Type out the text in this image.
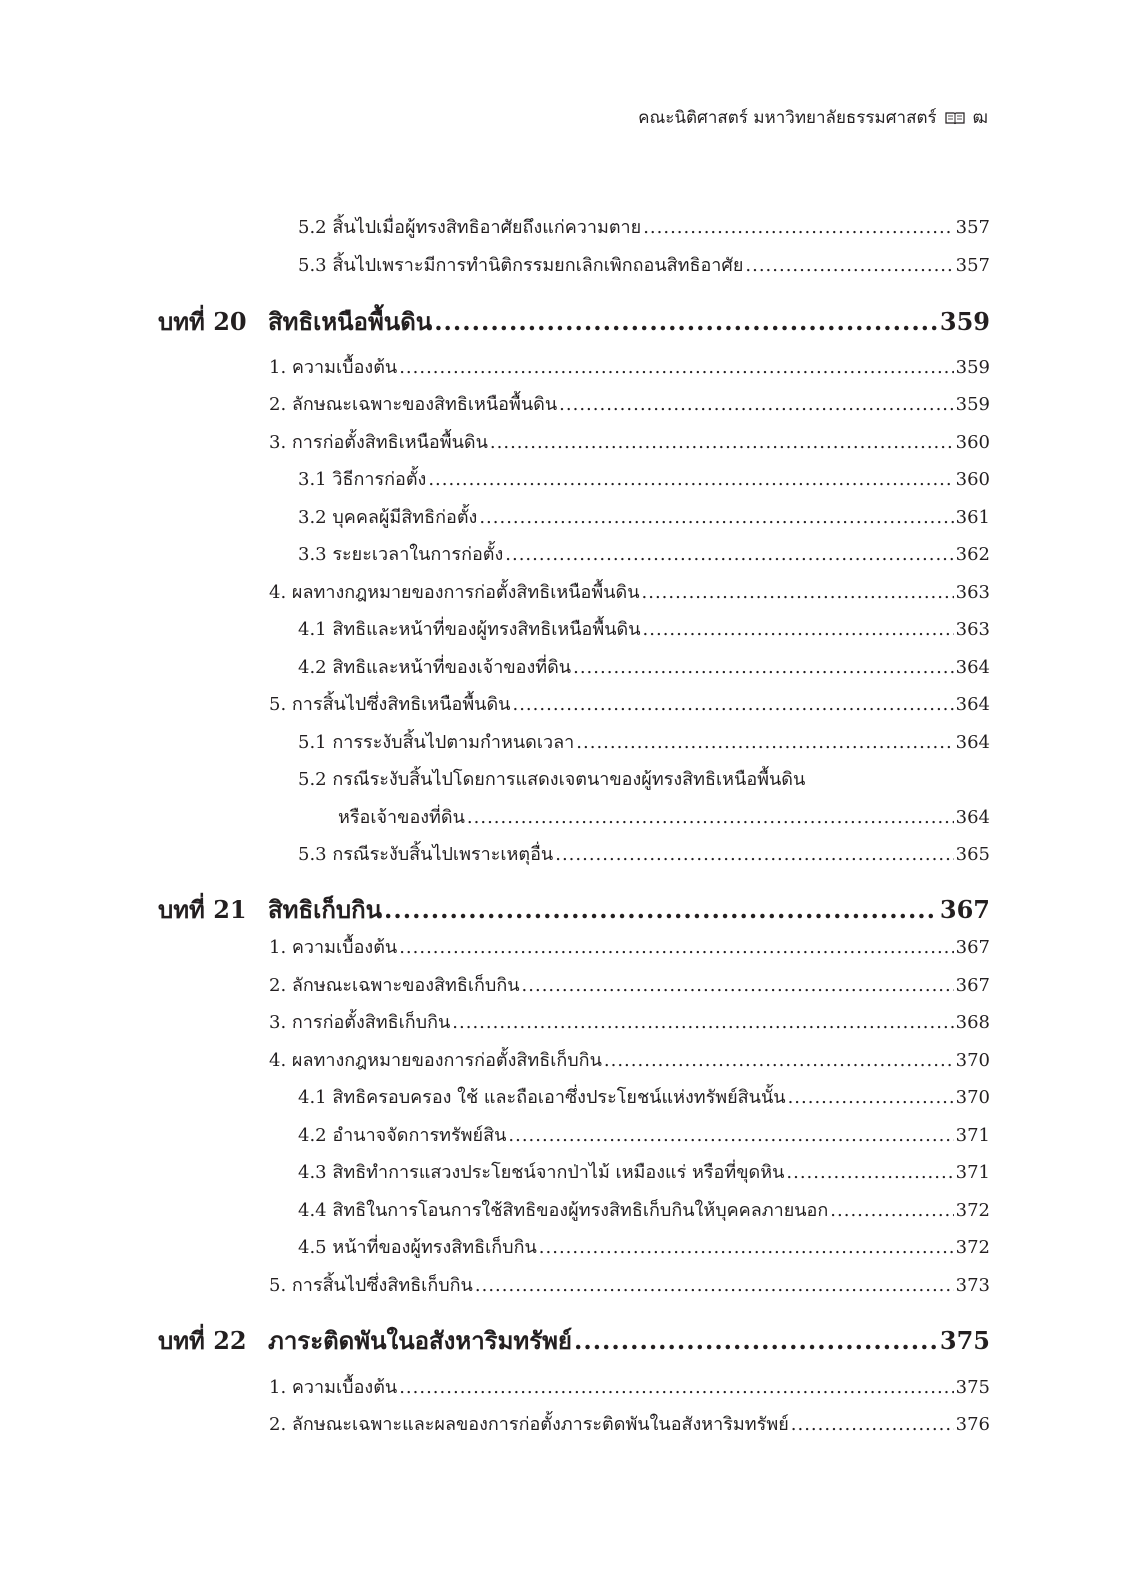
คณะนิติศาสตร์ มหาวิทยาลัยธรรมศาสตร์ ฒ
5.2 สิ้นไปเมื่อผู้ทรงสิทธิอาศัยถึงแก่ความตาย .....	357
5.3 สิ้นไปเพราะมีการทำนิติกรรมยกเลิกเพิกถอนสิทธิอาศัย .....	357
บทที่ 20 สิทธิเหนือพื้นดิน .....	359
1. ความเบื้องต้น .....	359
2. ลักษณะเฉพาะของสิทธิเหนือพื้นดิน .....	359
3. การก่อตั้งสิทธิเหนือพื้นดิน .....	360
3.1 วิธีการก่อตั้ง .....	360
3.2 บุคคลผู้มีสิทธิก่อตั้ง .....	361
3.3 ระยะเวลาในการก่อตั้ง .....	362
4. ผลทางกฎหมายของการก่อตั้งสิทธิเหนือพื้นดิน .....	363
4.1 สิทธิและหน้าที่ของผู้ทรงสิทธิเหนือพื้นดิน .....	363
4.2 สิทธิและหน้าที่ของเจ้าของที่ดิน .....	364
5. การสิ้นไปซึ่งสิทธิเหนือพื้นดิน .....	364
5.1 การระงับสิ้นไปตามกำหนดเวลา .....	364
5.2 กรณีระงับสิ้นไปโดยการแสดงเจตนาของผู้ทรงสิทธิเหนือพื้นดิน
หรือเจ้าของที่ดิน .....	364
5.3 กรณีระงับสิ้นไปเพราะเหตุอื่น .....	365
บทที่ 21 สิทธิเก็บกิน .....	367
1. ความเบื้องต้น .....	367
2. ลักษณะเฉพาะของสิทธิเก็บกิน .....	367
3. การก่อตั้งสิทธิเก็บกิน .....	368
4. ผลทางกฎหมายของการก่อตั้งสิทธิเก็บกิน .....	370
4.1 สิทธิครอบครอง ใช้ และถือเอาซึ่งประโยชน์แห่งทรัพย์สินนั้น .....	370
4.2 อำนาจจัดการทรัพย์สิน .....	371
4.3 สิทธิทำการแสวงประโยชน์จากป่าไม้ เหมืองแร่ หรือที่ขุดหิน .....	371
4.4 สิทธิในการโอนการใช้สิทธิของผู้ทรงสิทธิเก็บกินให้บุคคลภายนอก .....	372
4.5 หน้าที่ของผู้ทรงสิทธิเก็บกิน .....	372
5. การสิ้นไปซึ่งสิทธิเก็บกิน .....	373
บทที่ 22 ภาระติดพันในอสังหาริมทรัพย์ .....	375
1. ความเบื้องต้น .....	375
2. ลักษณะเฉพาะและผลของการก่อตั้งภาระติดพันในอสังหาริมทรัพย์ .....	376
